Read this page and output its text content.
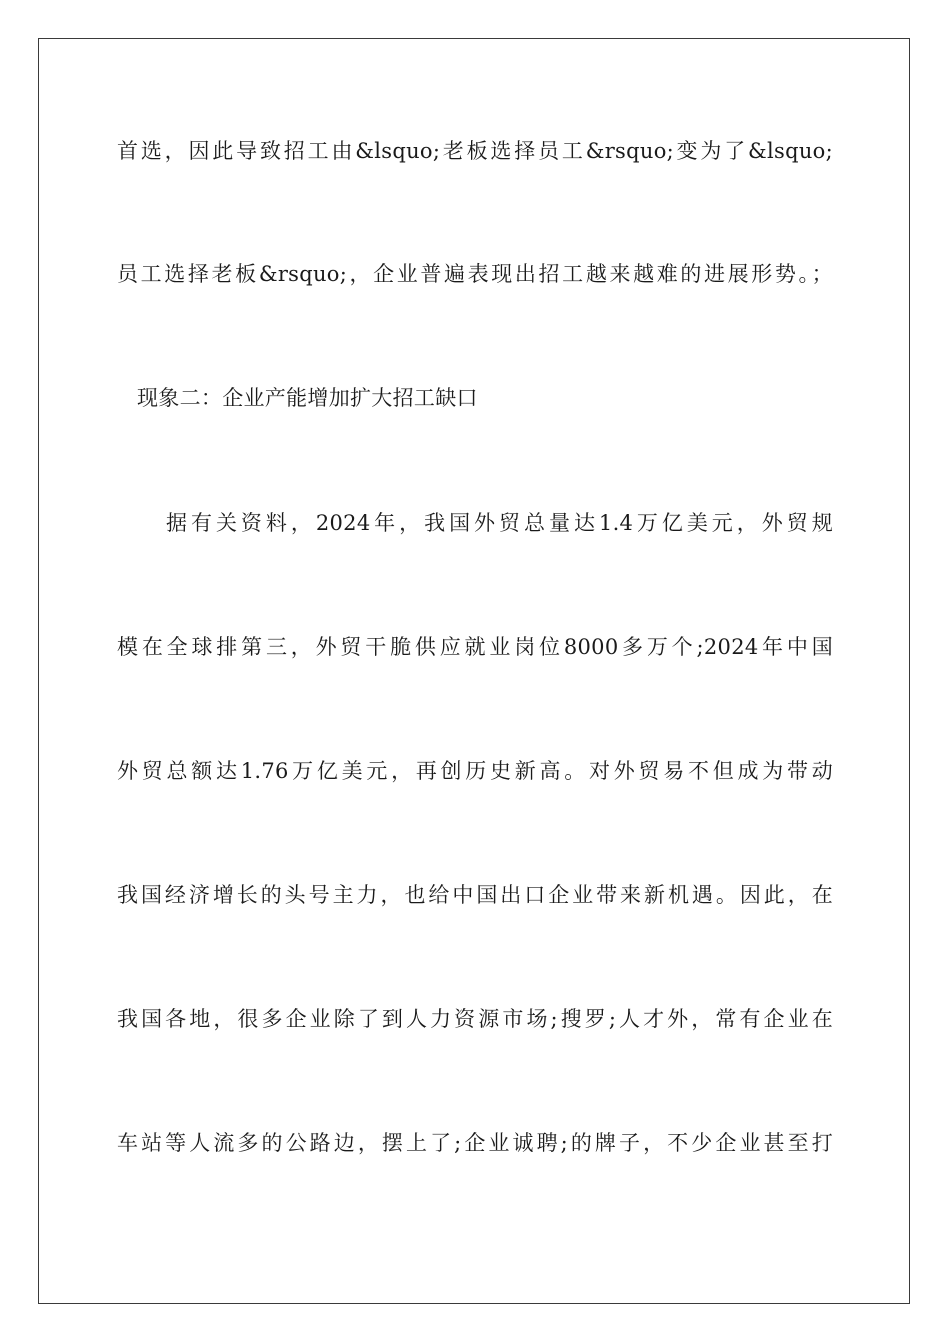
首选，因此导致招工由&lsquo;老板选择员工&rsquo;变为了&lsquo;

员工选择老板&rsquo;，企业普遍表现出招工越来越难的进展形势。；

现象二：企业产能增加扩大招工缺口

据有关资料，2024年，我国外贸总量达1.4万亿美元，外贸规

模在全球排第三，外贸干脆供应就业岗位8000多万个;2024年中国

外贸总额达1.76万亿美元，再创历史新高。对外贸易不但成为带动

我国经济增长的头号主力，也给中国出口企业带来新机遇。因此，在

我国各地，很多企业除了到人力资源市场;搜罗;人才外，常有企业在

车站等人流多的公路边，摆上了;企业诚聘;的牌子，不少企业甚至打
